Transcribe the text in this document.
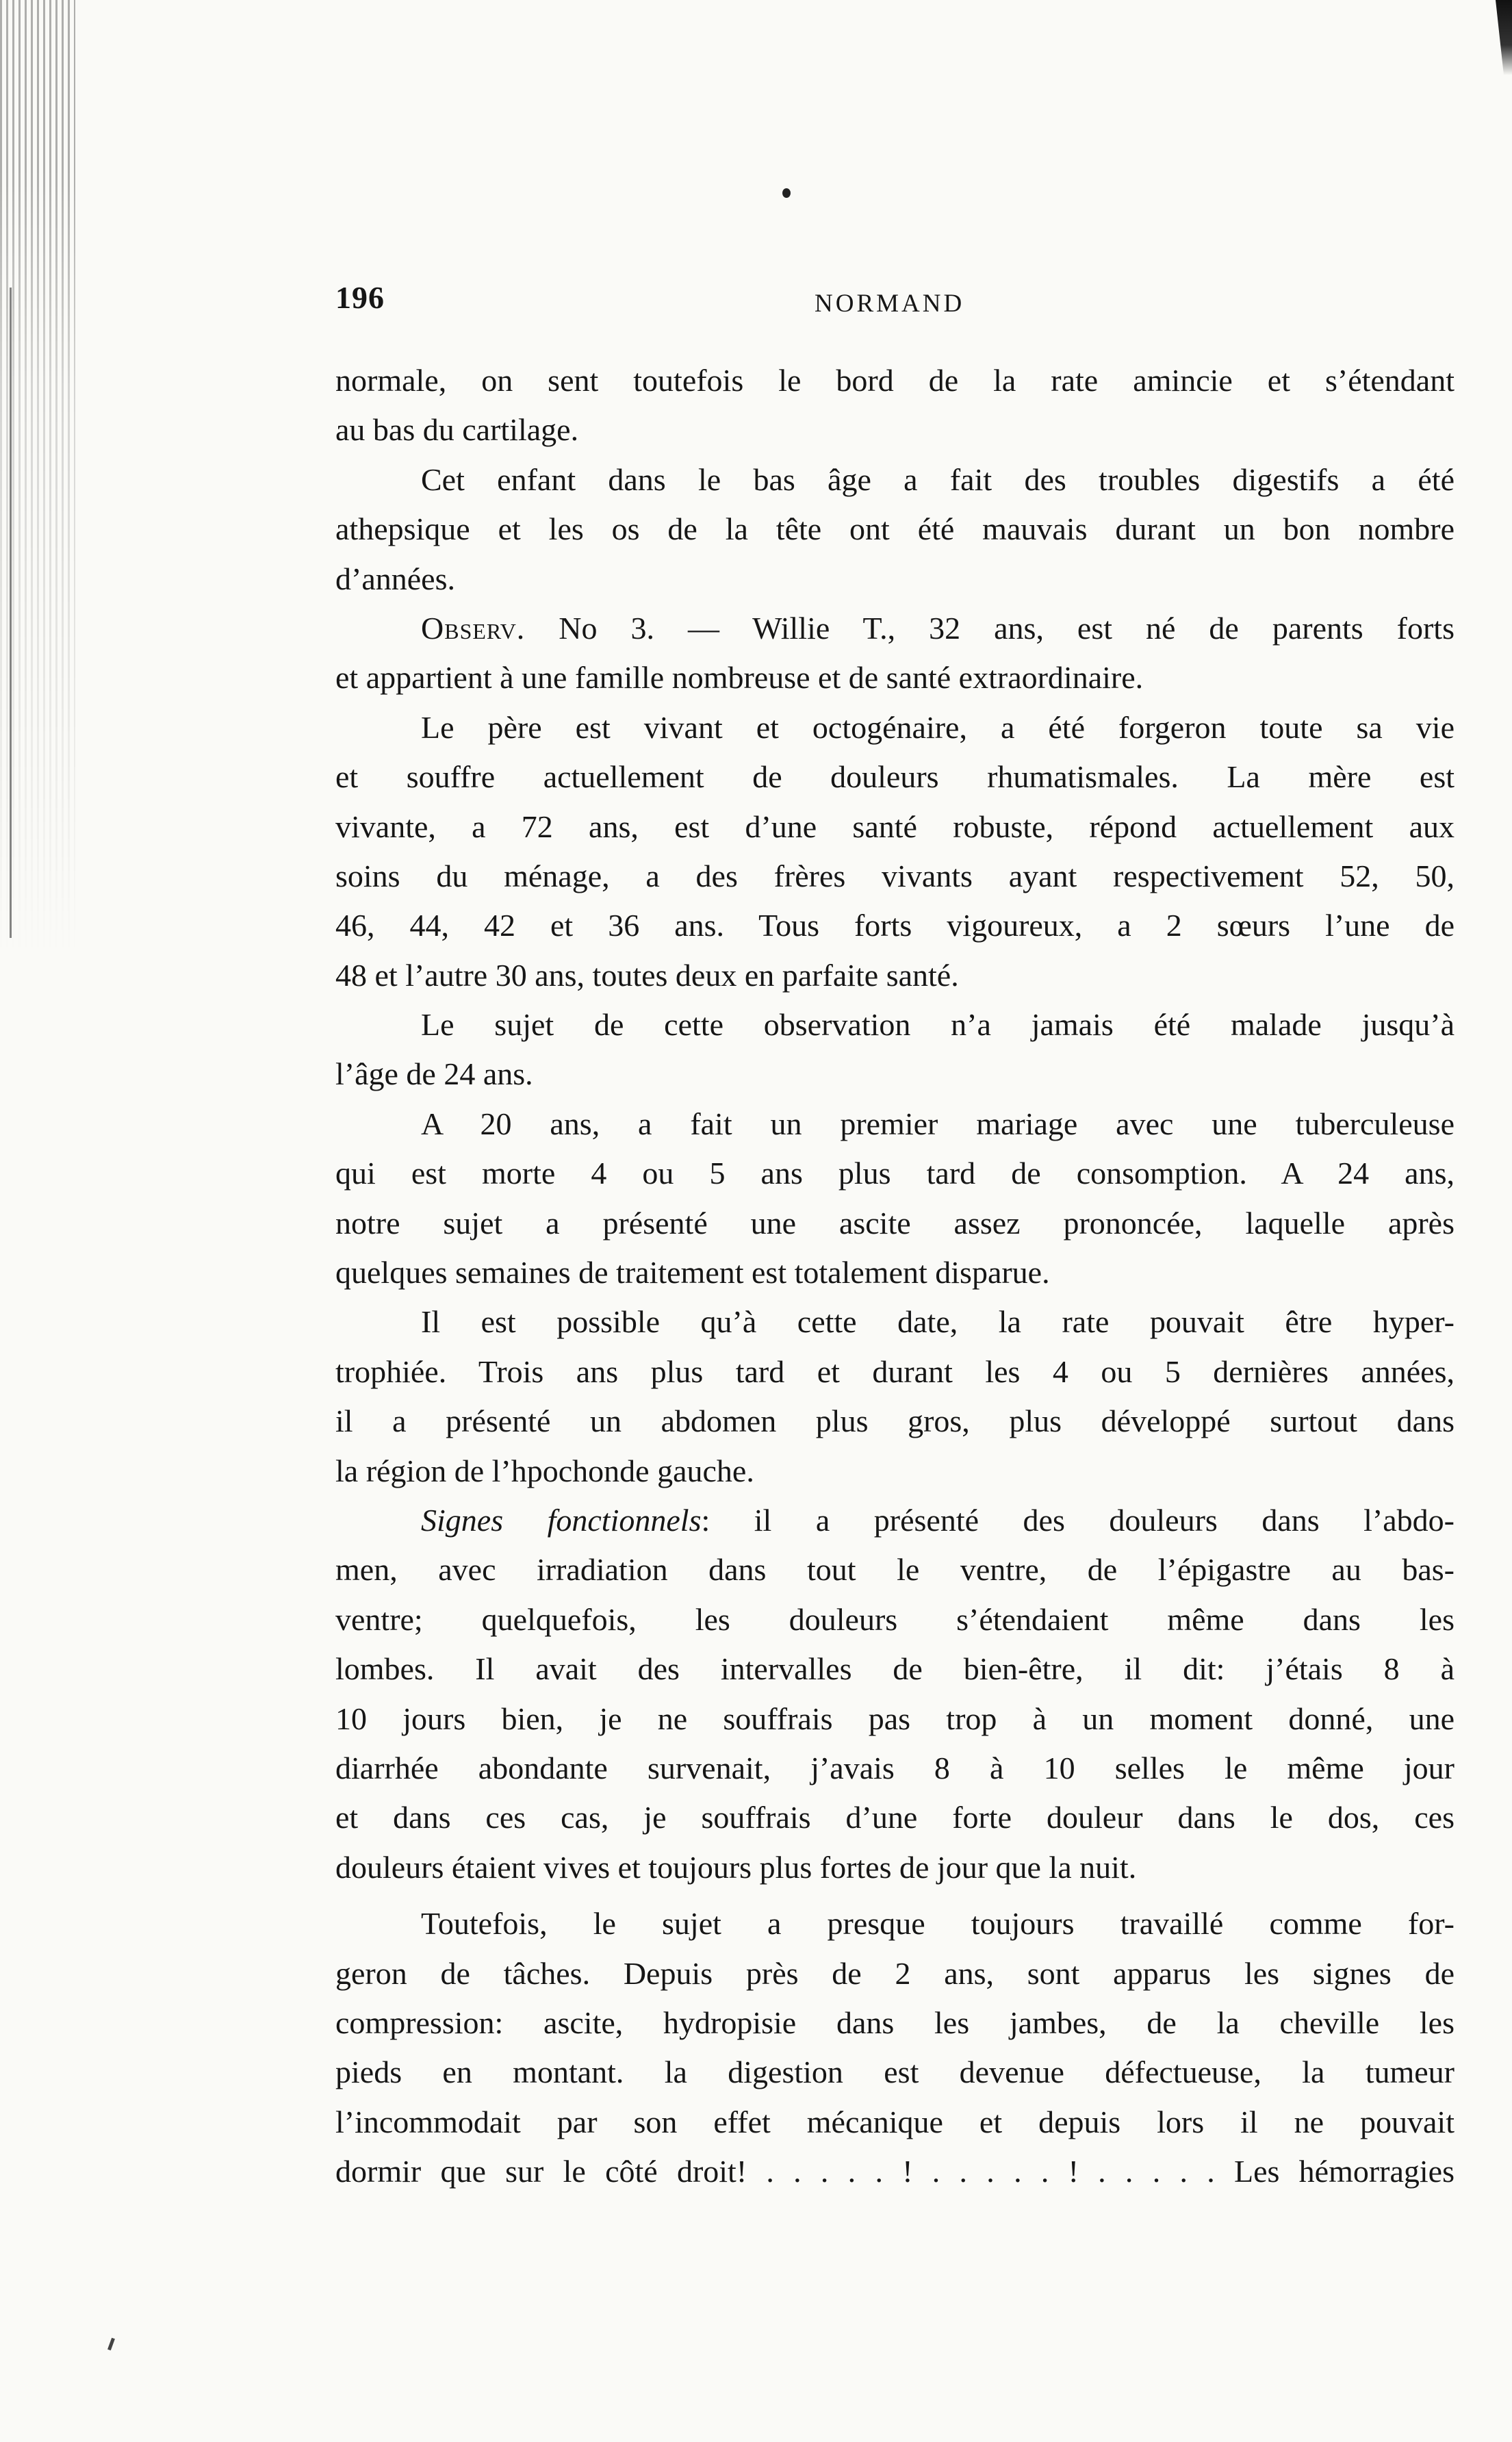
196	NORMAND
normale, on sent toutefois le bord de la rate amincie et s’étendant
au bas du cartilage.
Cet enfant dans le bas âge a fait des troubles digestifs a été
athepsique et les os de la tête ont été mauvais durant un bon nombre
d’années.
Observ. No 3. — Willie T., 32 ans, est né de parents forts
et appartient à une famille nombreuse et de santé extraordinaire.
Le père est vivant et octogénaire, a été forgeron toute sa vie
et souffre actuellement de douleurs rhumatismales. La mère est
vivante, a 72 ans, est d’une santé robuste, répond actuellement aux
soins du ménage, a des frères vivants ayant respectivement 52, 50,
46, 44, 42 et 36 ans. Tous forts vigoureux, a 2 sœurs l’une de
48 et l’autre 30 ans, toutes deux en parfaite santé.
Le sujet de cette observation n’a jamais été malade jusqu’à
l’âge de 24 ans.
A 20 ans, a fait un premier mariage avec une tuberculeuse
qui est morte 4 ou 5 ans plus tard de consomption. A 24 ans,
notre sujet a présenté une ascite assez prononcée, laquelle après
quelques semaines de traitement est totalement disparue.
Il est possible qu’à cette date, la rate pouvait être hyper-
trophiée. Trois ans plus tard et durant les 4 ou 5 dernières années,
il a présenté un abdomen plus gros, plus développé surtout dans
la région de l’hpochonde gauche.
Signes fonctionnels: il a présenté des douleurs dans l’abdo-
men, avec irradiation dans tout le ventre, de l’épigastre au bas-
ventre; quelquefois, les douleurs s’étendaient même dans les
lombes. Il avait des intervalles de bien-être, il dit: j’étais 8 à
10 jours bien, je ne souffrais pas trop à un moment donné, une
diarrhée abondante survenait, j’avais 8 à 10 selles le même jour
et dans ces cas, je souffrais d’une forte douleur dans le dos, ces
douleurs étaient vives et toujours plus fortes de jour que la nuit.
Toutefois, le sujet a presque toujours travaillé comme for-
geron de tâches. Depuis près de 2 ans, sont apparus les signes de
compression: ascite, hydropisie dans les jambes, de la cheville les
pieds en montant. la digestion est devenue défectueuse, la tumeur
l’incommodait par son effet mécanique et depuis lors il ne pouvait
dormir que sur le côté droit! . . . . . ! . . . . . ! . . . . . Les hémorragies
